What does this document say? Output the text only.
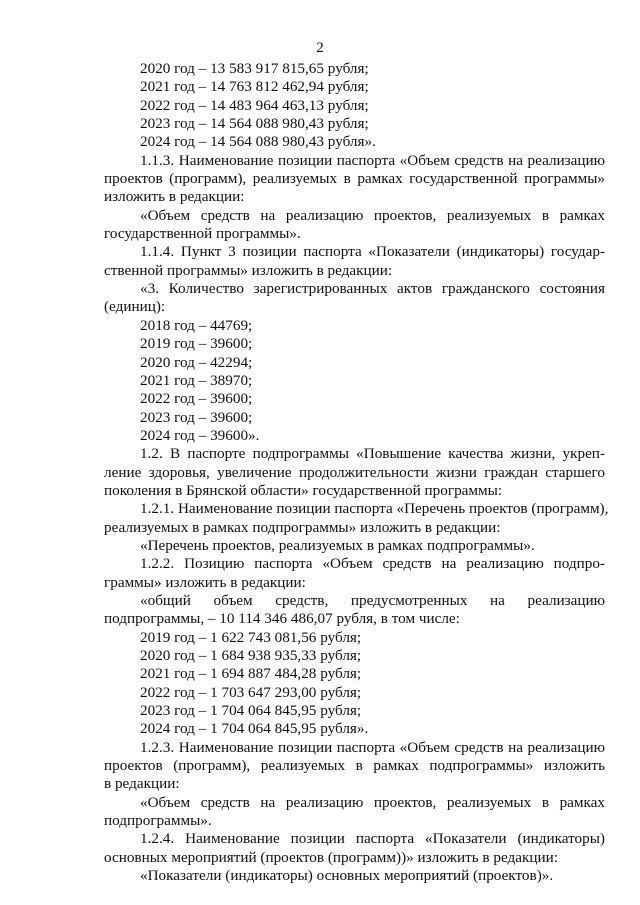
2
2020 год – 13 583 917 815,65 рубля;
2021 год – 14 763 812 462,94 рубля;
2022 год – 14 483 964 463,13 рубля;
2023 год – 14 564 088 980,43 рубля;
2024 год – 14 564 088 980,43 рубля».
1.1.3. Наименование позиции паспорта «Объем средств на реализацию
проектов (программ), реализуемых в рамках государственной программы»
изложить в редакции:
«Объем средств на реализацию проектов, реализуемых в рамках
государственной программы».
1.1.4. Пункт 3 позиции паспорта «Показатели (индикаторы) государ-
ственной программы» изложить в редакции:
«3. Количество зарегистрированных актов гражданского состояния
(единиц):
2018 год – 44769;
2019 год – 39600;
2020 год – 42294;
2021 год – 38970;
2022 год – 39600;
2023 год – 39600;
2024 год – 39600».
1.2. В паспорте подпрограммы «Повышение качества жизни, укреп-
ление здоровья, увеличение продолжительности жизни граждан старшего
поколения в Брянской области» государственной программы:
1.2.1. Наименование позиции паспорта «Перечень проектов (программ),
реализуемых в рамках подпрограммы» изложить в редакции:
«Перечень проектов, реализуемых в рамках подпрограммы».
1.2.2. Позицию паспорта «Объем средств на реализацию подпро-
граммы» изложить в редакции:
«общий объем средств, предусмотренных на реализацию
подпрограммы, – 10 114 346 486,07 рубля, в том числе:
2019 год – 1 622 743 081,56 рубля;
2020 год – 1 684 938 935,33 рубля;
2021 год – 1 694 887 484,28 рубля;
2022 год – 1 703 647 293,00 рубля;
2023 год – 1 704 064 845,95 рубля;
2024 год – 1 704 064 845,95 рубля».
1.2.3. Наименование позиции паспорта «Объем средств на реализацию
проектов (программ), реализуемых в рамках подпрограммы» изложить
в редакции:
«Объем средств на реализацию проектов, реализуемых в рамках
подпрограммы».
1.2.4. Наименование позиции паспорта «Показатели (индикаторы)
основных мероприятий (проектов (программ))» изложить в редакции:
«Показатели (индикаторы) основных мероприятий (проектов)».
